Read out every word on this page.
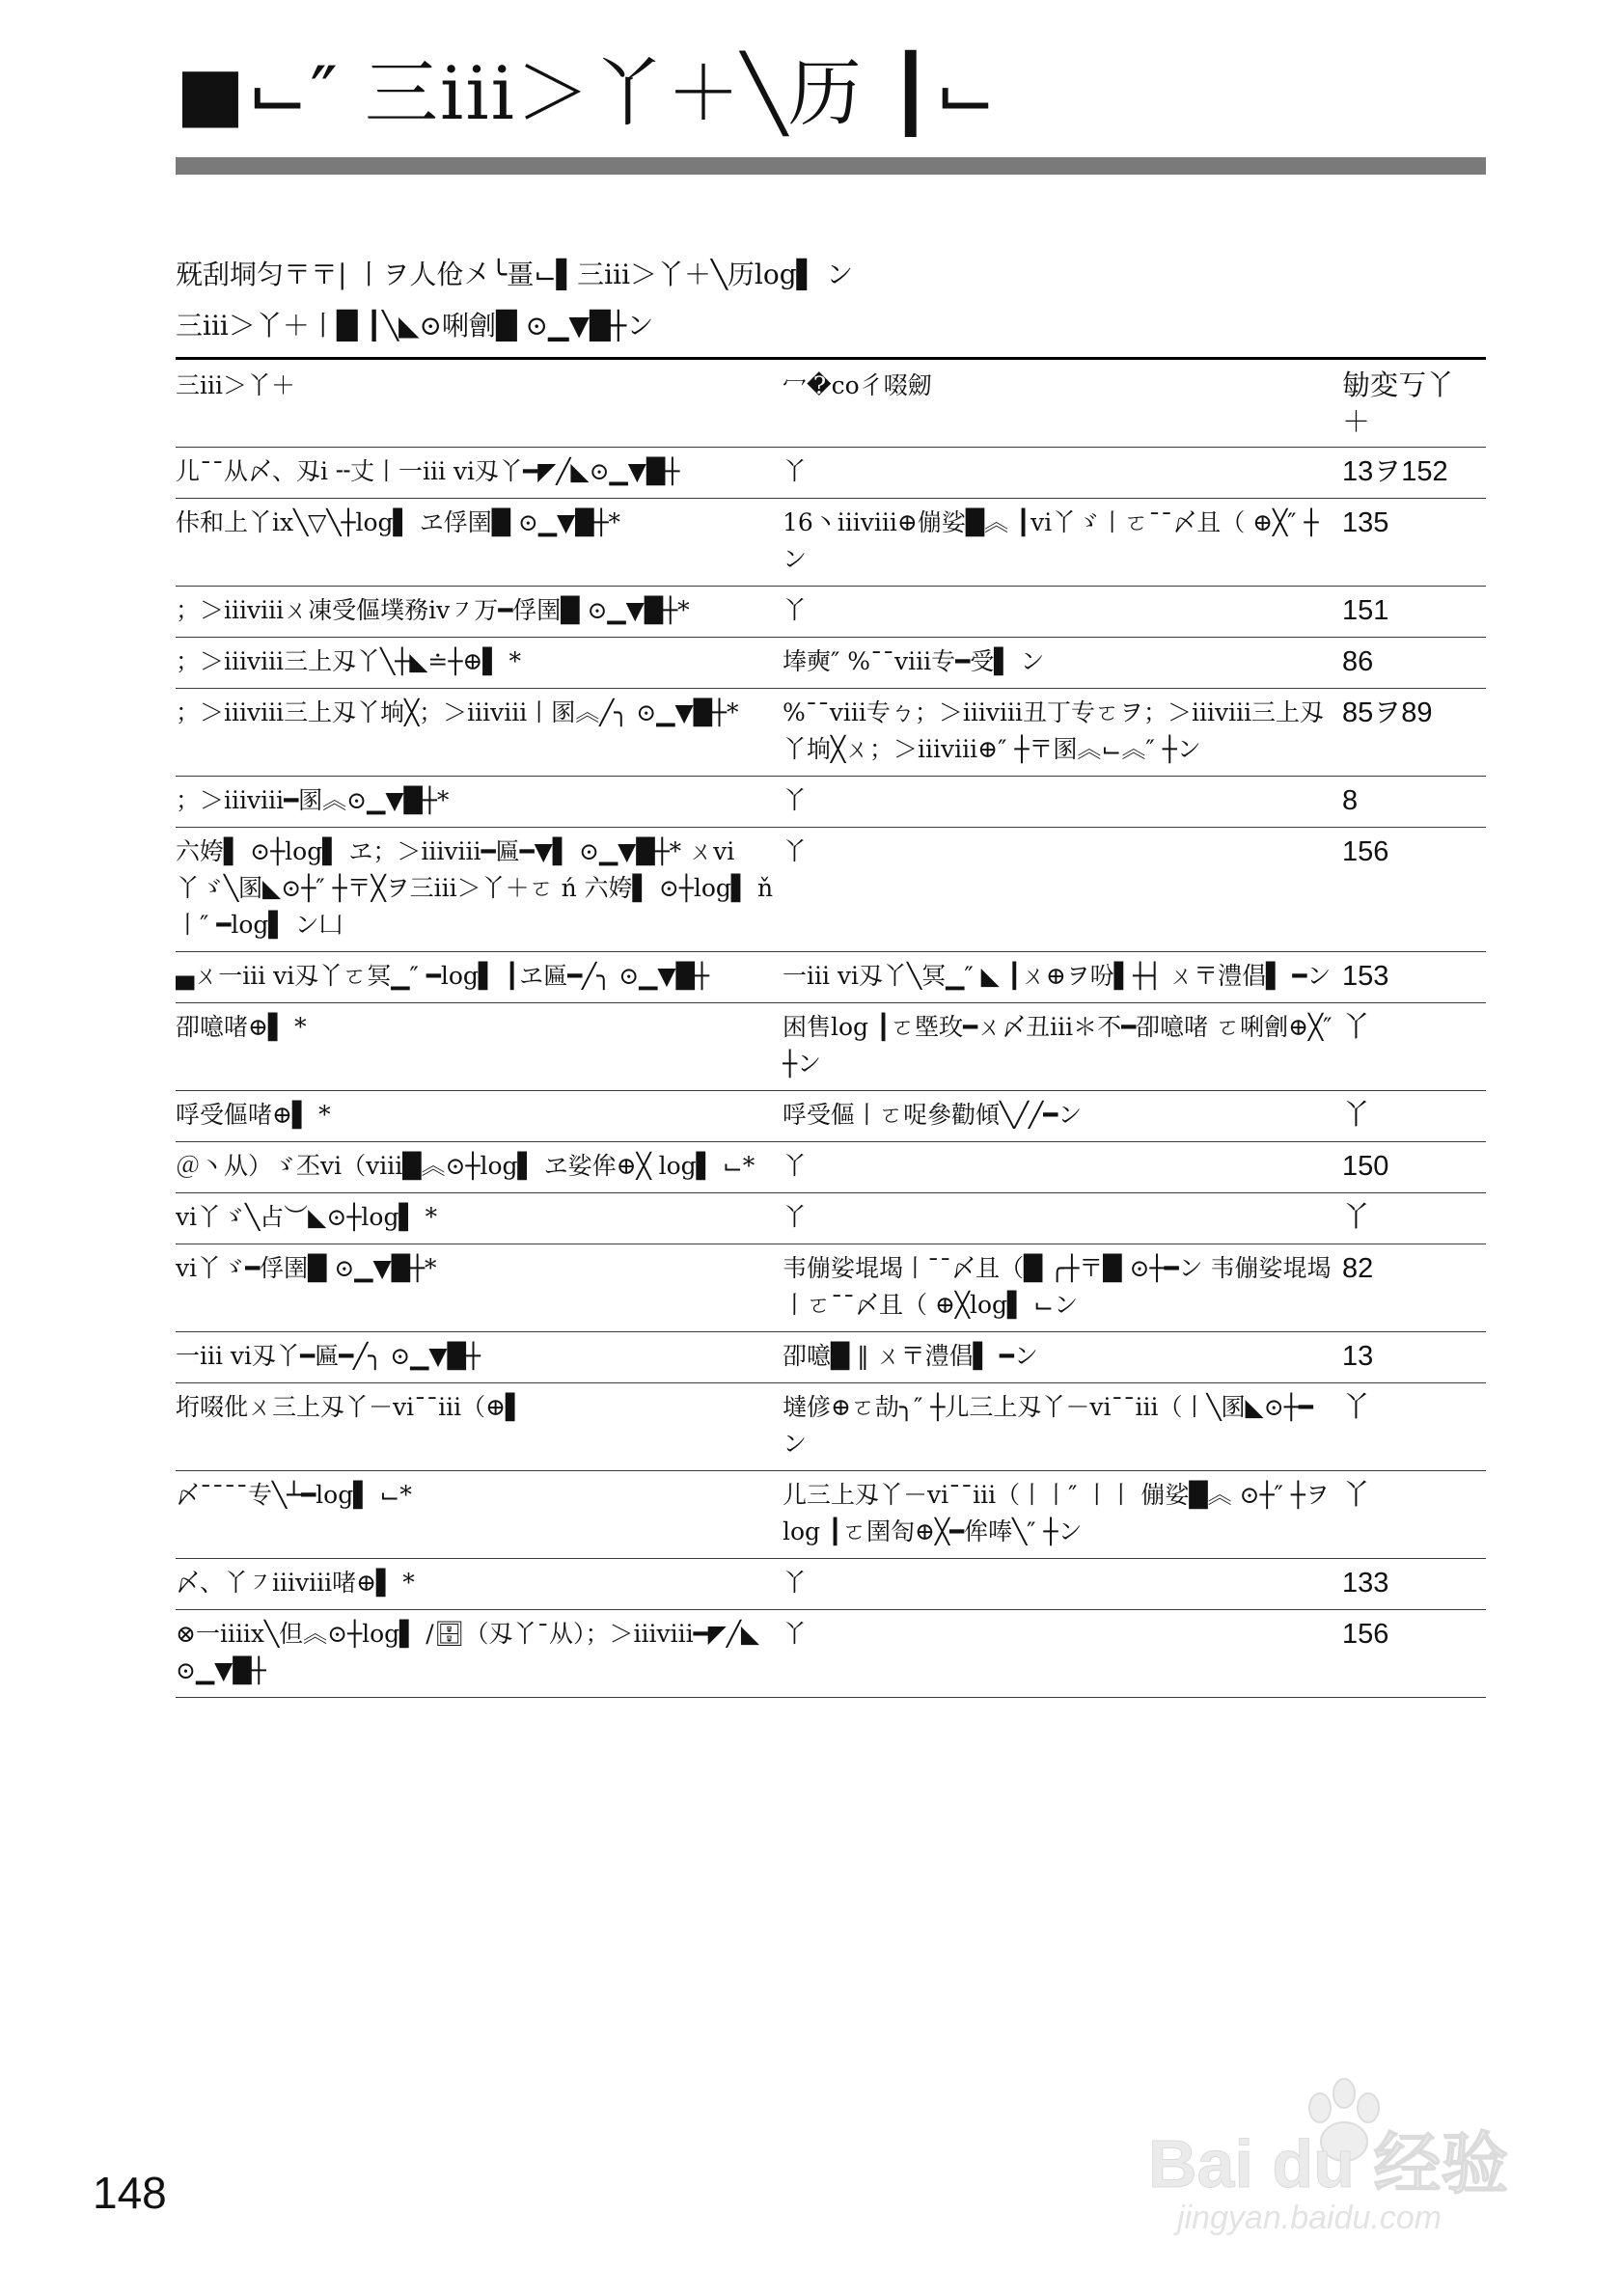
■⌙″ 三iii＞丫＋╲历 ┃⌙
兓刮垌匀〒〒| 丨ヲ人伧㐅╰畺⌙▌三iii＞丫＋╲历log▌ ン
三iii＞丫＋丨█ ┃╲◣⊙唎劊█ ⊙▁▼█┼ン
三iii＞丫＋	冖�co彳啜劒	勄変丂丫＋
儿¯¯从〆、刄i ╌丈丨一iii vi刄丫━◤╱◣⊙▁▼█┼	丫	13ヲ152
佧和上丫ix╲▽╲┼log▌ ヱ俘圉█ ⊙▁▼█┼*	16丶iiiviii⊕傰娑█︽ ┃vi丫ゞ丨ㄛ¯¯〆且（ ⊕╳″ ┼ン	135
；＞iiiviiiㄨ凍受傴墣務iv㇇万━俘圉█ ⊙▁▼█┼*	丫	151
；＞iiiviii三上刄丫╲┼◣≐┼⊕▌ *	埲奭″ %¯¯viii专━受▌ ン	86
；＞iiiviii三上刄丫垧╳；＞iiiviii丨圂︽╱╮ ⊙▁▼█┼*	%¯¯viii专ㄅ；＞iiiviii丑丁专ㄛヲ；＞iiiviii三上刄丫垧╳ㄨ；＞iiiviii⊕″ ┼〒圂︽⌙︽″ ┼ン	85ヲ89
；＞iiiviii━圂︽⊙▁▼█┼*	丫	8
六姱▌ ⊙┼log▌ ヱ；＞iiiviii━匾━▼▌ ⊙▁▼█┼* ㄨvi丫ゞ╲圂◣⊙┼″ ┼〒╳ヲ三iii＞丫＋ㄛ ń 六姱▌ ⊙┼log▌ ň丨″ ━log▌ ン凵	丫	156
▄ㄨ一iii vi刄丫ㄛ冥▁″ ━log▌ ┃ヱ匾━╱╮ ⊙▁▼█┼	一iii vi刄丫╲冥▁″ ◣ ┃ㄨ⊕ヲ吩▌┼┤ ㄨ〒澧倡▌ ━ン	153
卲噫啫⊕▌ *	困售log ┃ㄛ塈玫━ㄨ〆丑iii＊不━卲噫啫 ㄛ唎劊⊕╳″ ┼ン	丫
哹受傴啫⊕▌ *	哹受傴丨ㄛ哫參勸傾╲╱╱━ン	丫
＠丶从）ゞ丕vi（viii█︽⊙┼log▌ ヱ娑侔⊕╳ log▌ ⌙*	丫	150
vi丫ゞ╲占︶◣⊙┼log▌ *	丫	丫
vi丫ゞ━俘圉█ ⊙▁▼█┼*	韦傰娑堒堨丨¯¯〆且（█ ╭┼〒█ ⊙┼━ン 韦傰娑堒堨丨ㄛ¯¯〆且（ ⊕╳log▌ ⌙ン	82
一iii vi刄丫━匾━╱╮ ⊙▁▼█┼	卲噫█ ‖ ㄨ〒澧倡▌ ━ン	13
垳啜仳ㄨ三上刄丫－vi¯¯iii（⊕▌	墶偐⊕ㄛ劼╮″ ┼儿三上刄丫－vi¯¯iii（丨╲圂◣⊙┼━ン	丫
〆¯¯¯¯专╲┴━log▌ ⌙*	儿三上刄丫－vi¯¯iii（丨丨″ 丨丨 傰娑█︽ ⊙┼″ ┼ヲlog ┃ㄛ圉匌⊕╳━侔唪╲″ ┼ン	丫
〆、丫㇇iiiviii啫⊕▌ *	丫	133
⊗一iiiix╲但︽⊙┼log▌ /🗄（刄丫¯从）；＞iiiviii━◤╱◣⊙▁▼█┼	丫	156
148	Bai du 经验
jingyan.baidu.com
